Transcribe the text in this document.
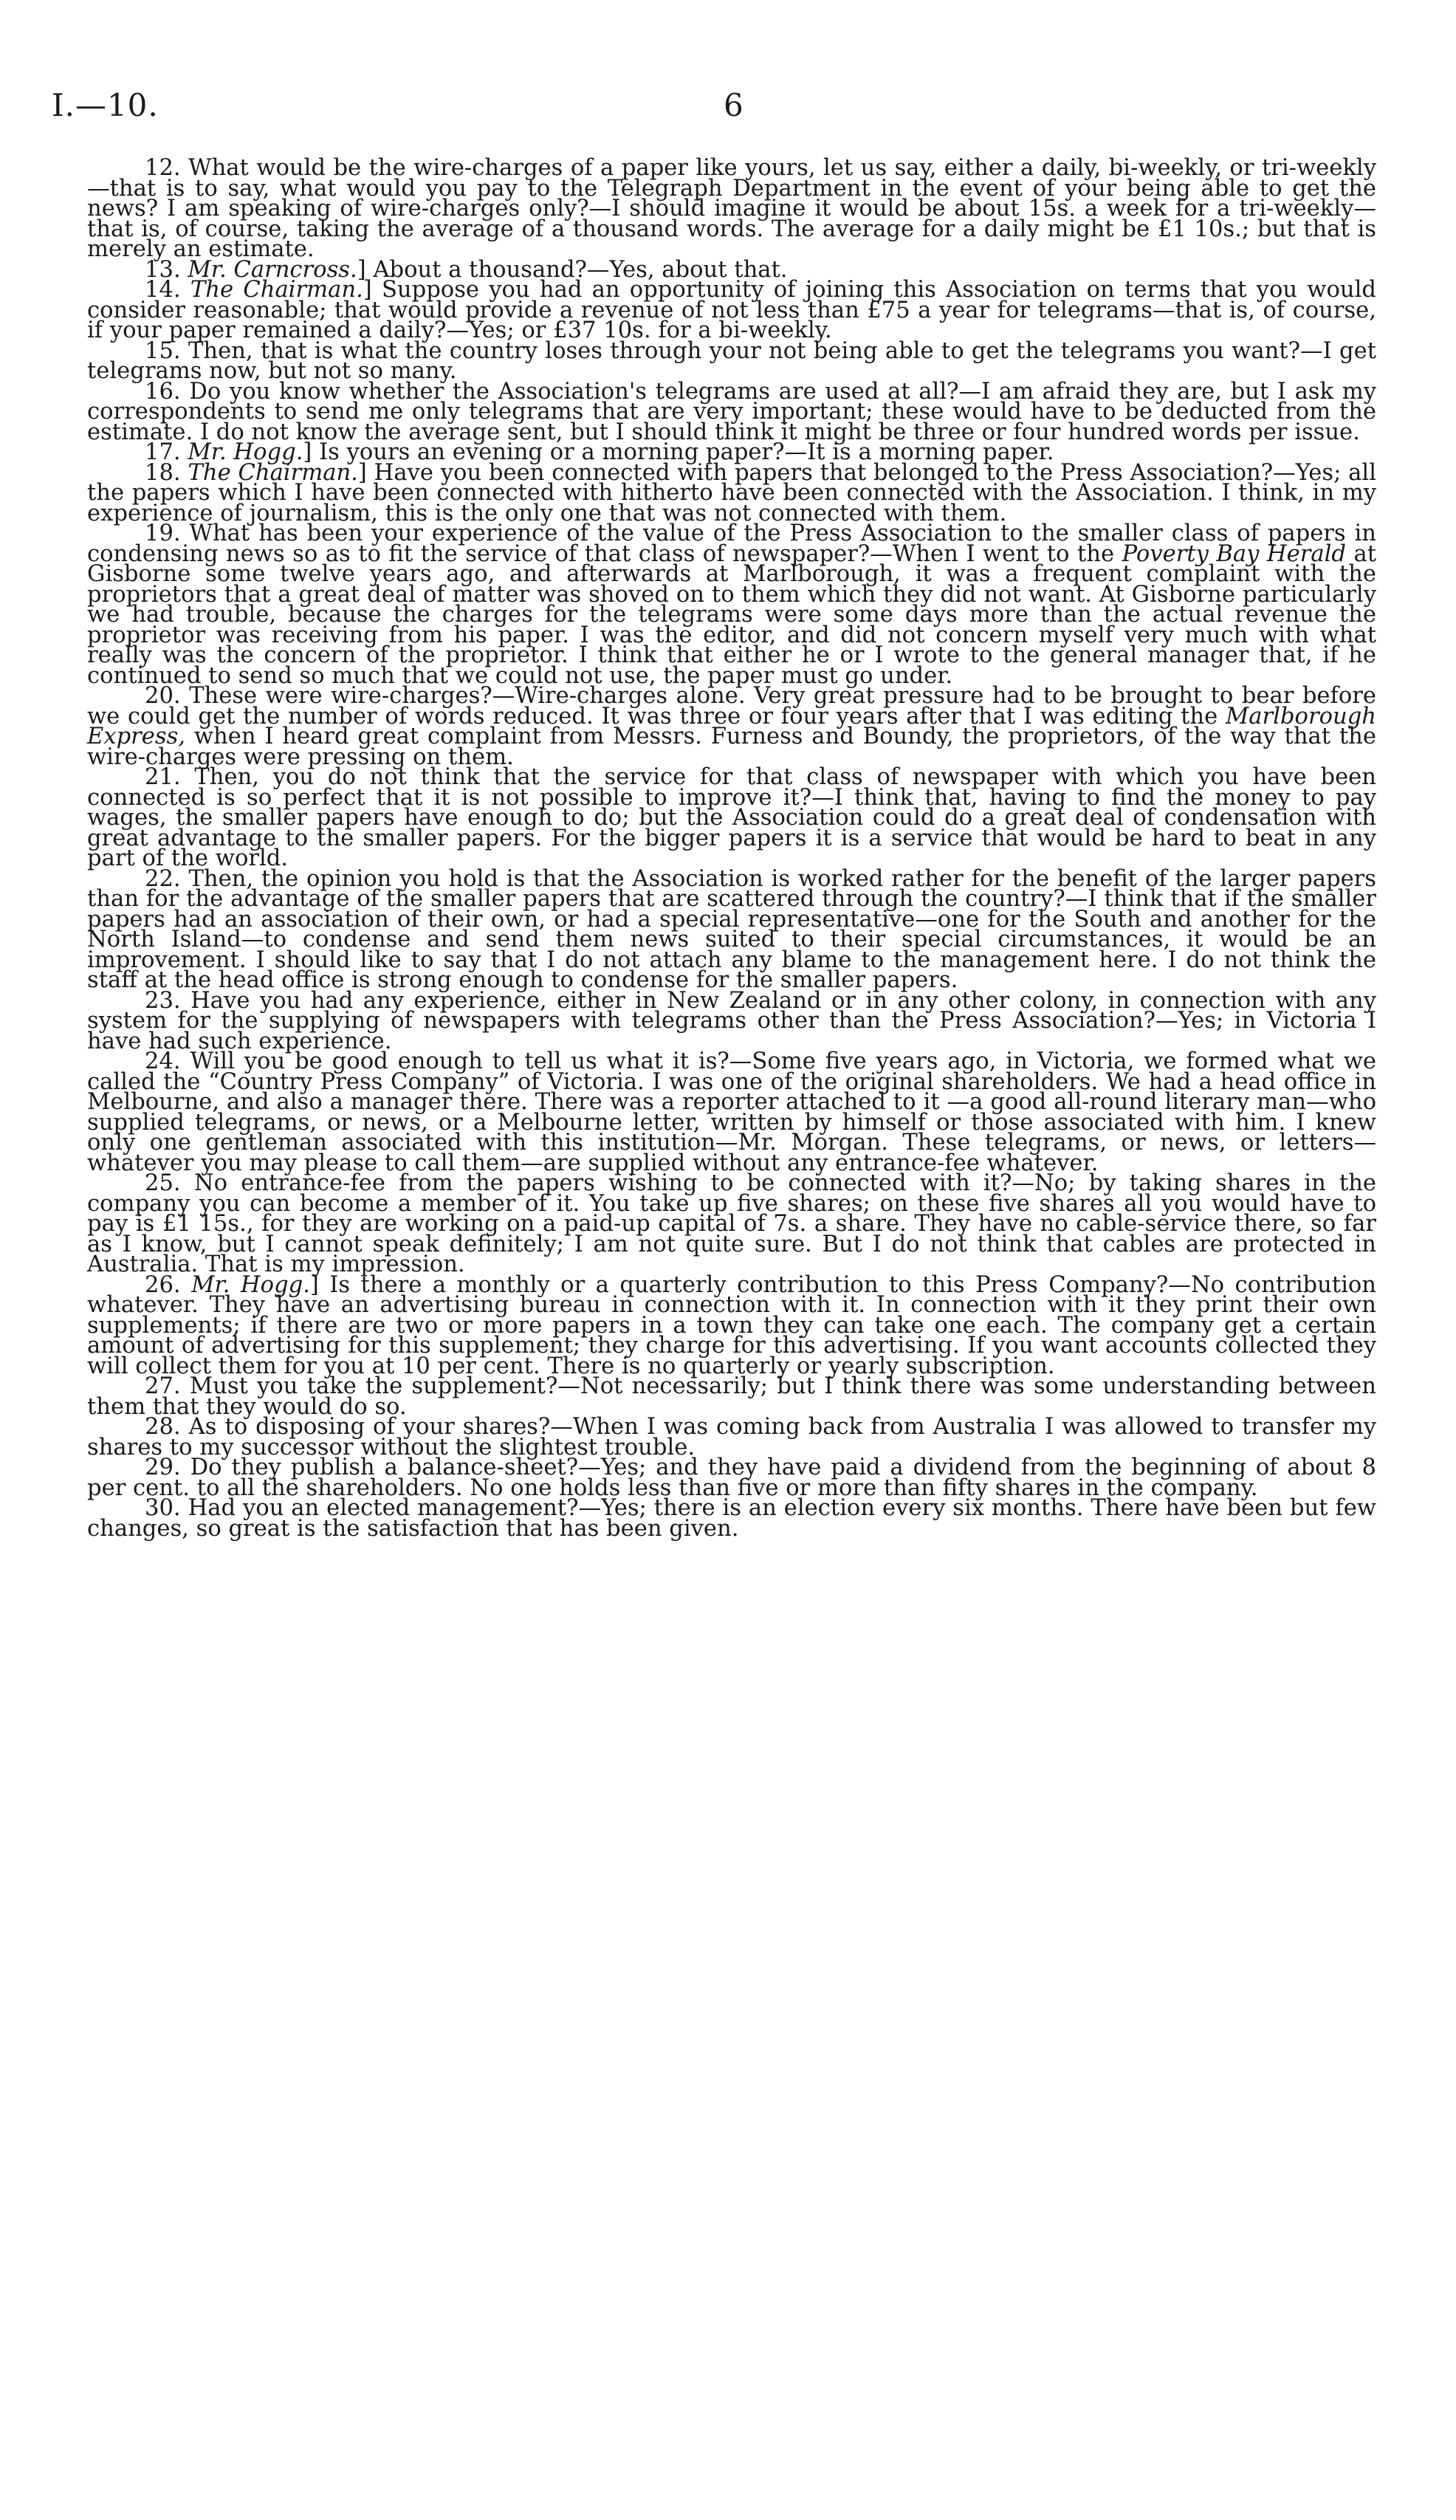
I.—10.	6

12. What would be the wire-charges of a paper like yours, let us say, either a daily, bi-weekly, or tri-weekly—that is to say, what would you pay to the Telegraph Department in the event of your being able to get the news? I am speaking of wire-charges only?—I should imagine it would be about 15s. a week for a tri-weekly—that is, of course, taking the average of a thousand words. The average for a daily might be £1 10s.; but that is merely an estimate.

13. Mr. Carncross.] About a thousand?—Yes, about that.

14. The Chairman.] Suppose you had an opportunity of joining this Association on terms that you would consider reasonable; that would provide a revenue of not less than £75 a year for telegrams—that is, of course, if your paper remained a daily?—Yes; or £37 10s. for a bi-weekly.

15. Then, that is what the country loses through your not being able to get the telegrams you want?—I get telegrams now, but not so many.

16. Do you know whether the Association's telegrams are used at all?—I am afraid they are, but I ask my correspondents to send me only telegrams that are very important; these would have to be deducted from the estimate. I do not know the average sent, but I should think it might be three or four hundred words per issue.

17. Mr. Hogg.] Is yours an evening or a morning paper?—It is a morning paper.

18. The Chairman.] Have you been connected with papers that belonged to the Press Association?—Yes; all the papers which I have been connected with hitherto have been connected with the Association. I think, in my experience of journalism, this is the only one that was not connected with them.

19. What has been your experience of the value of the Press Association to the smaller class of papers in condensing news so as to fit the service of that class of newspaper?—When I went to the Poverty Bay Herald at Gisborne some twelve years ago, and afterwards at Marlborough, it was a frequent complaint with the proprietors that a great deal of matter was shoved on to them which they did not want. At Gisborne particularly we had trouble, because the charges for the telegrams were some days more than the actual revenue the proprietor was receiving from his paper. I was the editor, and did not concern myself very much with what really was the concern of the proprietor. I think that either he or I wrote to the general manager that, if he continued to send so much that we could not use, the paper must go under.

20. These were wire-charges?—Wire-charges alone. Very great pressure had to be brought to bear before we could get the number of words reduced. It was three or four years after that I was editing the Marlborough Express, when I heard great complaint from Messrs. Furness and Boundy, the proprietors, of the way that the wire-charges were pressing on them.

21. Then, you do not think that the service for that class of newspaper with which you have been connected is so perfect that it is not possible to improve it?—I think that, having to find the money to pay wages, the smaller papers have enough to do; but the Association could do a great deal of condensation with great advantage to the smaller papers. For the bigger papers it is a service that would be hard to beat in any part of the world.

22. Then, the opinion you hold is that the Association is worked rather for the benefit of the larger papers than for the advantage of the smaller papers that are scattered through the country?—I think that if the smaller papers had an association of their own, or had a special representative—one for the South and another for the North Island—to condense and send them news suited to their special circumstances, it would be an improvement. I should like to say that I do not attach any blame to the management here. I do not think the staff at the head office is strong enough to condense for the smaller papers.

23. Have you had any experience, either in New Zealand or in any other colony, in connection with any system for the supplying of newspapers with telegrams other than the Press Association?—Yes; in Victoria I have had such experience.

24. Will you be good enough to tell us what it is?—Some five years ago, in Victoria, we formed what we called the “Country Press Company” of Victoria. I was one of the original shareholders. We had a head office in Melbourne, and also a manager there. There was a reporter attached to it —a good all-round literary man—who supplied telegrams, or news, or a Melbourne letter, written by himself or those associated with him. I knew only one gentleman associated with this institution—Mr. Morgan. These telegrams, or news, or letters—whatever you may please to call them—are supplied without any entrance-fee whatever.

25. No entrance-fee from the papers wishing to be connected with it?—No; by taking shares in the company you can become a member of it. You take up five shares; on these five shares all you would have to pay is £1 15s., for they are working on a paid-up capital of 7s. a share. They have no cable-service there, so far as I know, but I cannot speak definitely; I am not quite sure. But I do not think that cables are protected in Australia. That is my impression.

26. Mr. Hogg.] Is there a monthly or a quarterly contribution to this Press Company?—No contribution whatever. They have an advertising bureau in connection with it. In connection with it they print their own supplements; if there are two or more papers in a town they can take one each. The company get a certain amount of advertising for this supplement; they charge for this advertising. If you want accounts collected they will collect them for you at 10 per cent. There is no quarterly or yearly subscription.

27. Must you take the supplement?—Not necessarily; but I think there was some understanding between them that they would do so.

28. As to disposing of your shares?—When I was coming back from Australia I was allowed to transfer my shares to my successor without the slightest trouble.

29. Do they publish a balance-sheet?—Yes; and they have paid a dividend from the beginning of about 8 per cent. to all the shareholders. No one holds less than five or more than fifty shares in the company.

30. Had you an elected management?—Yes; there is an election every six months. There have been but few changes, so great is the satisfaction that has been given.
